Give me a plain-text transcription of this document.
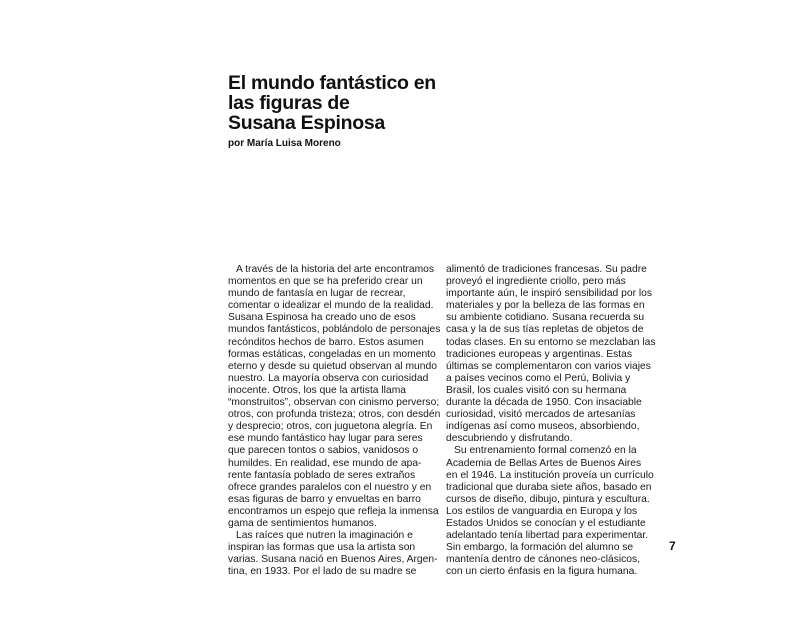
El mundo fantástico en
las figuras de
Susana Espinosa
por María Luisa Moreno
A través de la historia del arte encontramos
momentos en que se ha preferido crear un
mundo de fantasía en lugar de recrear,
comentar o idealizar el mundo de la realidad.
Susana Espinosa ha creado uno de esos
mundos fantásticos, poblándolo de personajes
recónditos hechos de barro. Estos asumen
formas estáticas, congeladas en un momento
eterno y desde su quietud observan al mundo
nuestro. La mayoría observa con curiosidad
inocente. Otros, los que la artista llama
“monstruitos”, observan con cinismo perverso;
otros, con profunda tristeza; otros, con desdén
y desprecio; otros, con juguetona alegría. En
ese mundo fantástico hay lugar para seres
que parecen tontos o sabios, vanidosos o
humildes. En realidad, ese mundo de apa-
rente fantasía poblado de seres extraños
ofrece grandes paralelos con el nuestro y en
esas figuras de barro y envueltas en barro
encontramos un espejo que refleja la inmensa
gama de sentimientos humanos.
Las raíces que nutren la imaginación e
inspiran las formas que usa la artista son
varias. Susana nació en Buenos Aires, Argen-
tina, en 1933. Por el lado de su madre se
alimentó de tradiciones francesas. Su padre
proveyó el ingrediente criollo, pero más
importante aún, le inspiró sensibilidad por los
materiales y por la belleza de las formas en
su ambiente cotidiano. Susana recuerda su
casa y la de sus tías repletas de objetos de
todas clases. En su entorno se mezclaban las
tradiciones europeas y argentinas. Estas
últimas se complementaron con varios viajes
a países vecinos como el Perú, Bolivia y
Brasil, los cuales visitó con su hermana
durante la década de 1950. Con insaciable
curiosidad, visitó mercados de artesanías
indígenas así como museos, absorbiendo,
descubriendo y disfrutando.
Su entrenamiento formal comenzó en la
Academia de Bellas Artes de Buenos Aires
en el 1946. La institución proveía un currículo
tradicional que duraba siete años, basado en
cursos de diseño, dibujo, pintura y escultura.
Los estilos de vanguardia en Europa y los
Estados Unidos se conocían y el estudiante
adelantado tenía libertad para experimentar.
Sin embargo, la formación del alumno se
mantenía dentro de cánones neo-clásicos,
con un cierto énfasis en la figura humana.
7
